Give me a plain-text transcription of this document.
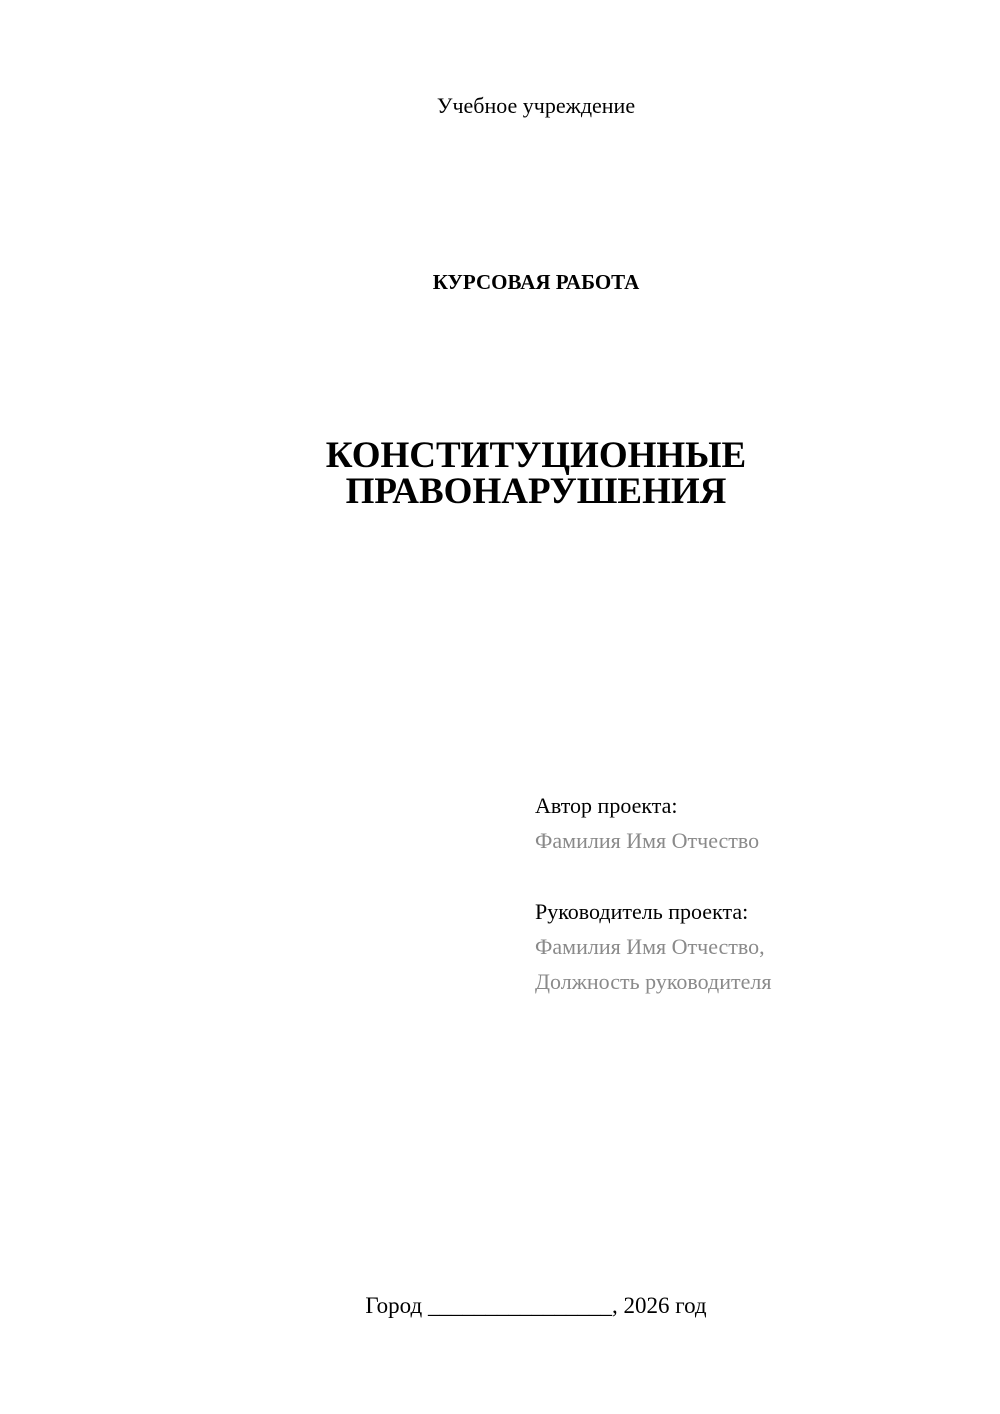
Учебное учреждение
КУРСОВАЯ РАБОТА
КОНСТИТУЦИОННЫЕ
ПРАВОНАРУШЕНИЯ
Автор проекта:
Фамилия Имя Отчество
Руководитель проекта:
Фамилия Имя Отчество,
Должность руководителя
Город ________________, 2026 год
